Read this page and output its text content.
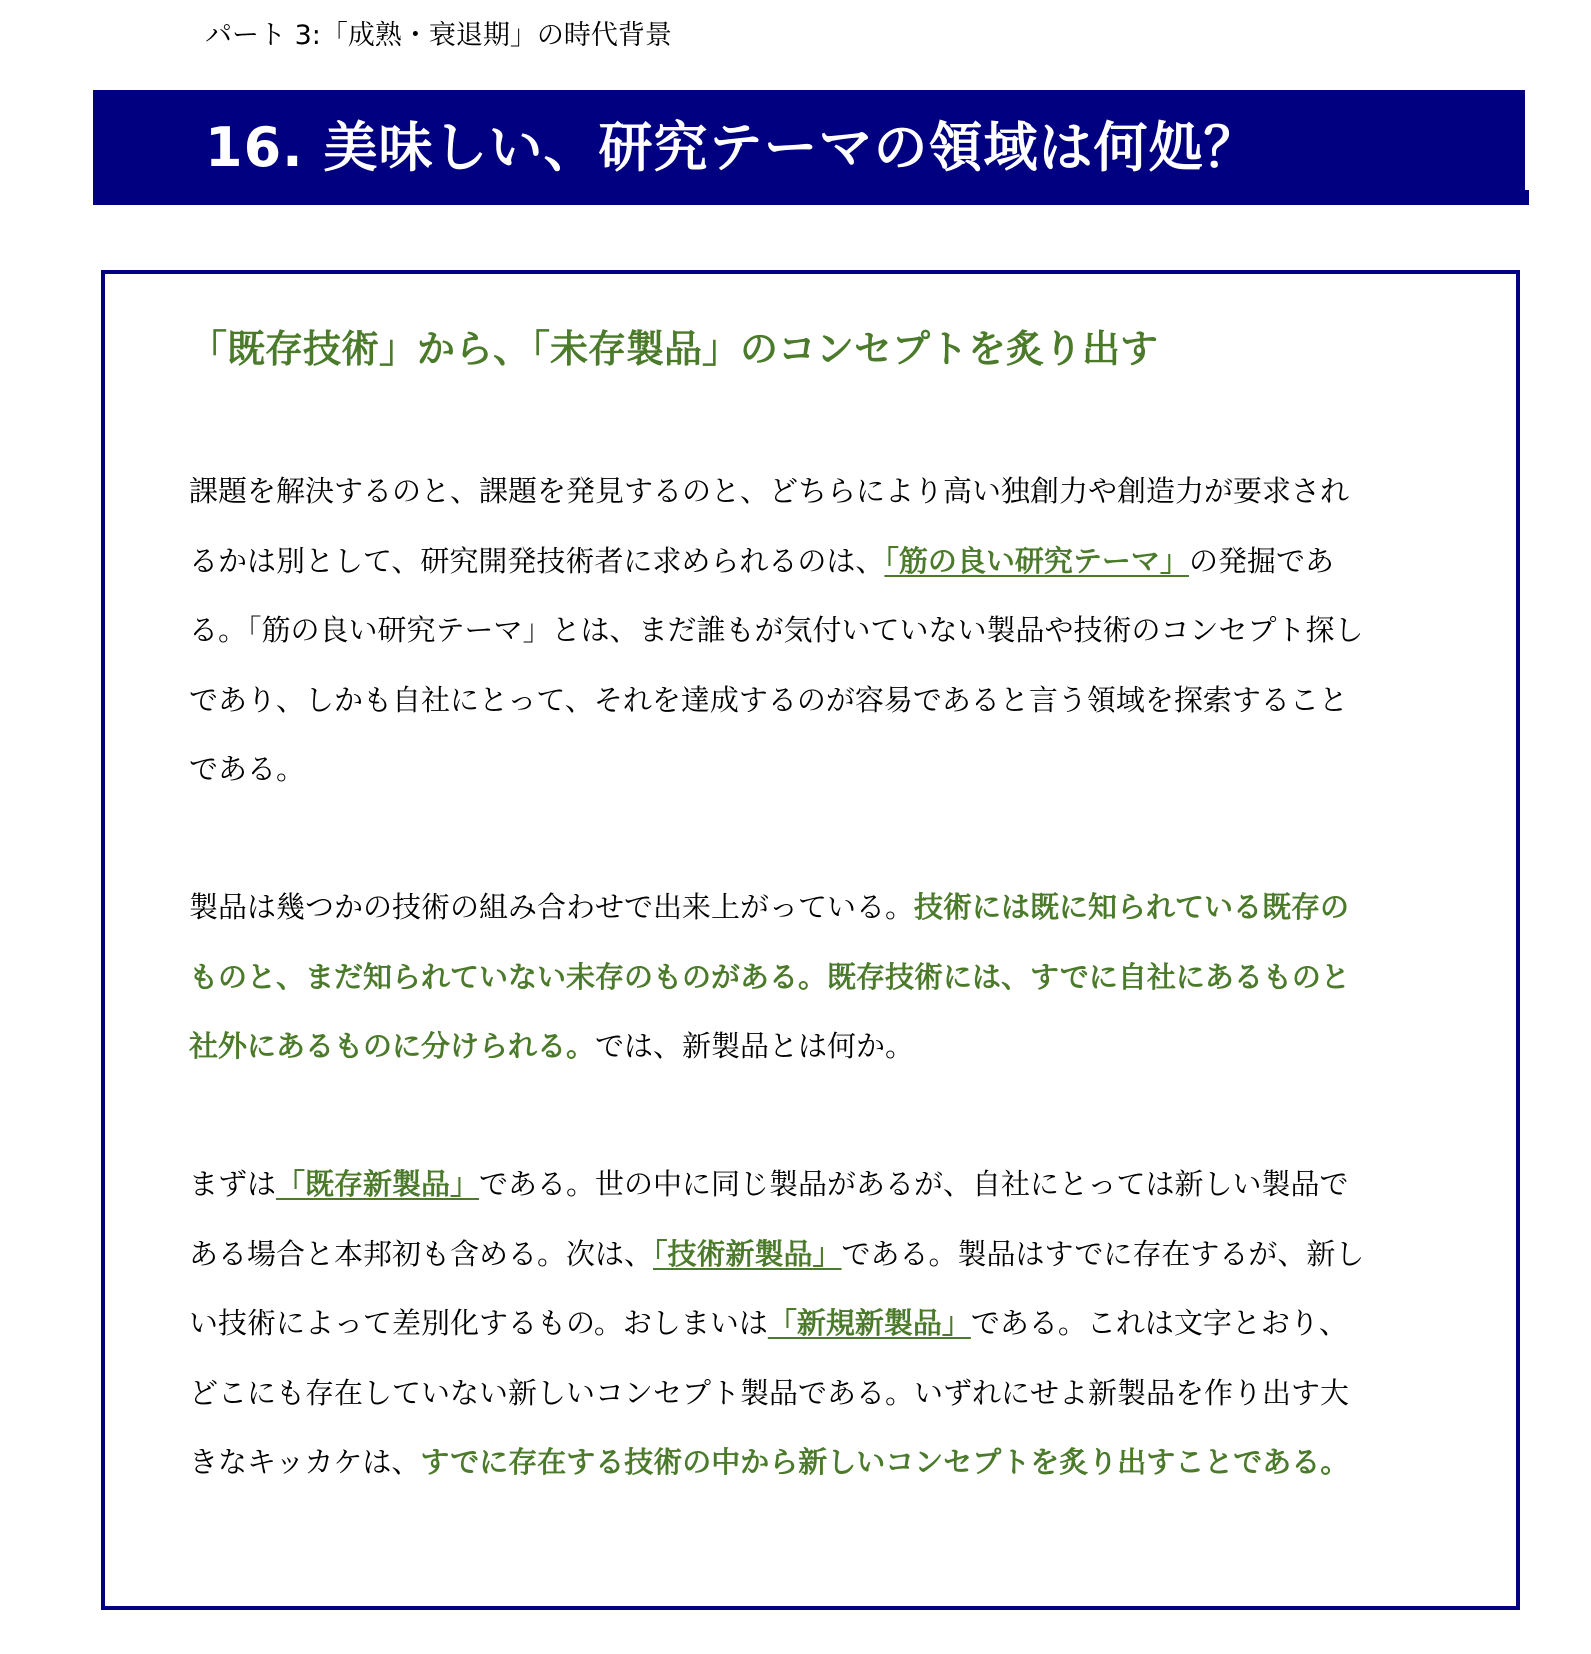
パート 3:「成熟・衰退期」の時代背景
16. 美味しい、研究テーマの領域は何処？
「既存技術」から、「未存製品」のコンセプトを炙り出す

課題を解決するのと、課題を発見するのと、どちらにより高い独創力や創造力が要求されるかは別として、研究開発技術者に求められるのは、「筋の良い研究テーマ」の発掘である。「筋の良い研究テーマ」とは、まだ誰もが気付いていない製品や技術のコンセプト探しであり、しかも自社にとって、それを達成するのが容易であると言う領域を探索することである。

製品は幾つかの技術の組み合わせで出来上がっている。技術には既に知られている既存のものと、まだ知られていない未存のものがある。既存技術には、すでに自社にあるものと社外にあるものに分けられる。では、新製品とは何か。

まずは「既存新製品」である。世の中に同じ製品があるが、自社にとっては新しい製品である場合と本邦初も含める。次は、「技術新製品」である。製品はすでに存在するが、新しい技術によって差別化するもの。おしまいは「新規新製品」である。これは文字とおり、どこにも存在していない新しいコンセプト製品である。いずれにせよ新製品を作り出す大きなキッカケは、すでに存在する技術の中から新しいコンセプトを炙り出すことである。
